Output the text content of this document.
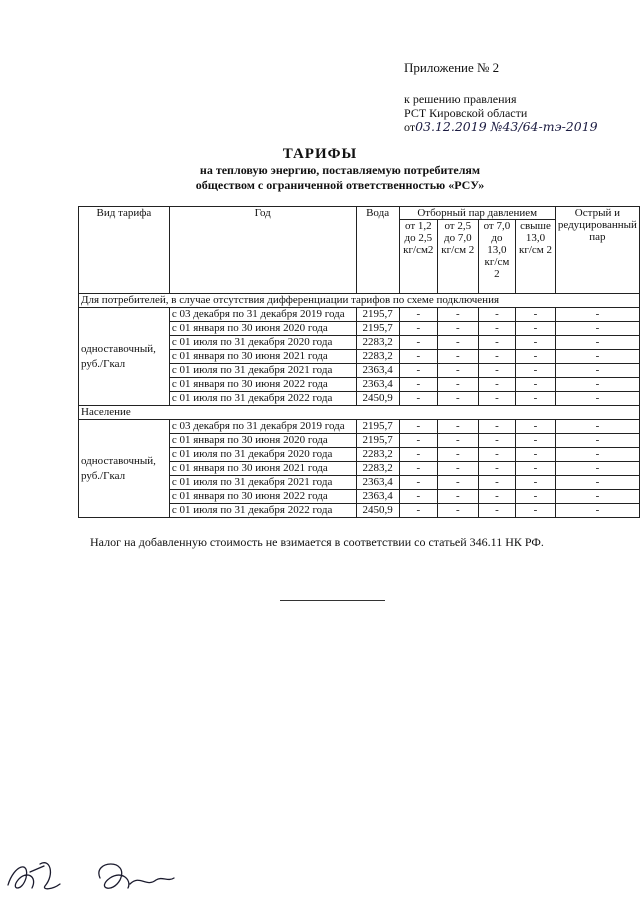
Приложение № 2
к решению правления
РСТ Кировской области
от03.12.2019 №43/64-тэ-2019
ТАРИФЫ
на тепловую энергию, поставляемую потребителям
обществом с ограниченной ответственностью «РСУ»
Вид тарифа	Год	Вода	Отборный пар давлением				Острый и редуцированный пар
			от 1,2 до 2,5 кг/см2	от 2,5 до 7,0 кг/см 2	от 7,0 до 13,0 кг/см 2	свыше 13,0 кг/см 2	
Для потребителей, в случае отсутствия дифференциации тарифов по схеме подключения							
одноставочный, руб./Гкал	с 03 декабря по 31 декабря 2019 года	2195,7	-	-	-	-	-
	с 01 января по 30 июня 2020 года	2195,7	-	-	-	-	-
	с 01 июля по 31 декабря 2020 года	2283,2	-	-	-	-	-
	с 01 января по 30 июня 2021 года	2283,2	-	-	-	-	-
	с 01 июля по 31 декабря 2021 года	2363,4	-	-	-	-	-
	с 01 января по 30 июня 2022 года	2363,4	-	-	-	-	-
	с 01 июля по 31 декабря 2022 года	2450,9	-	-	-	-	-
Население							
одноставочный, руб./Гкал	с 03 декабря по 31 декабря 2019 года	2195,7	-	-	-	-	-
	с 01 января по 30 июня 2020 года	2195,7	-	-	-	-	-
	с 01 июля по 31 декабря 2020 года	2283,2	-	-	-	-	-
	с 01 января по 30 июня 2021 года	2283,2	-	-	-	-	-
	с 01 июля по 31 декабря 2021 года	2363,4	-	-	-	-	-
	с 01 января по 30 июня 2022 года	2363,4	-	-	-	-	-
	с 01 июля по 31 декабря 2022 года	2450,9	-	-	-	-	-
Налог на добавленную стоимость не взимается в соответствии со статьей 346.11 НК РФ.
